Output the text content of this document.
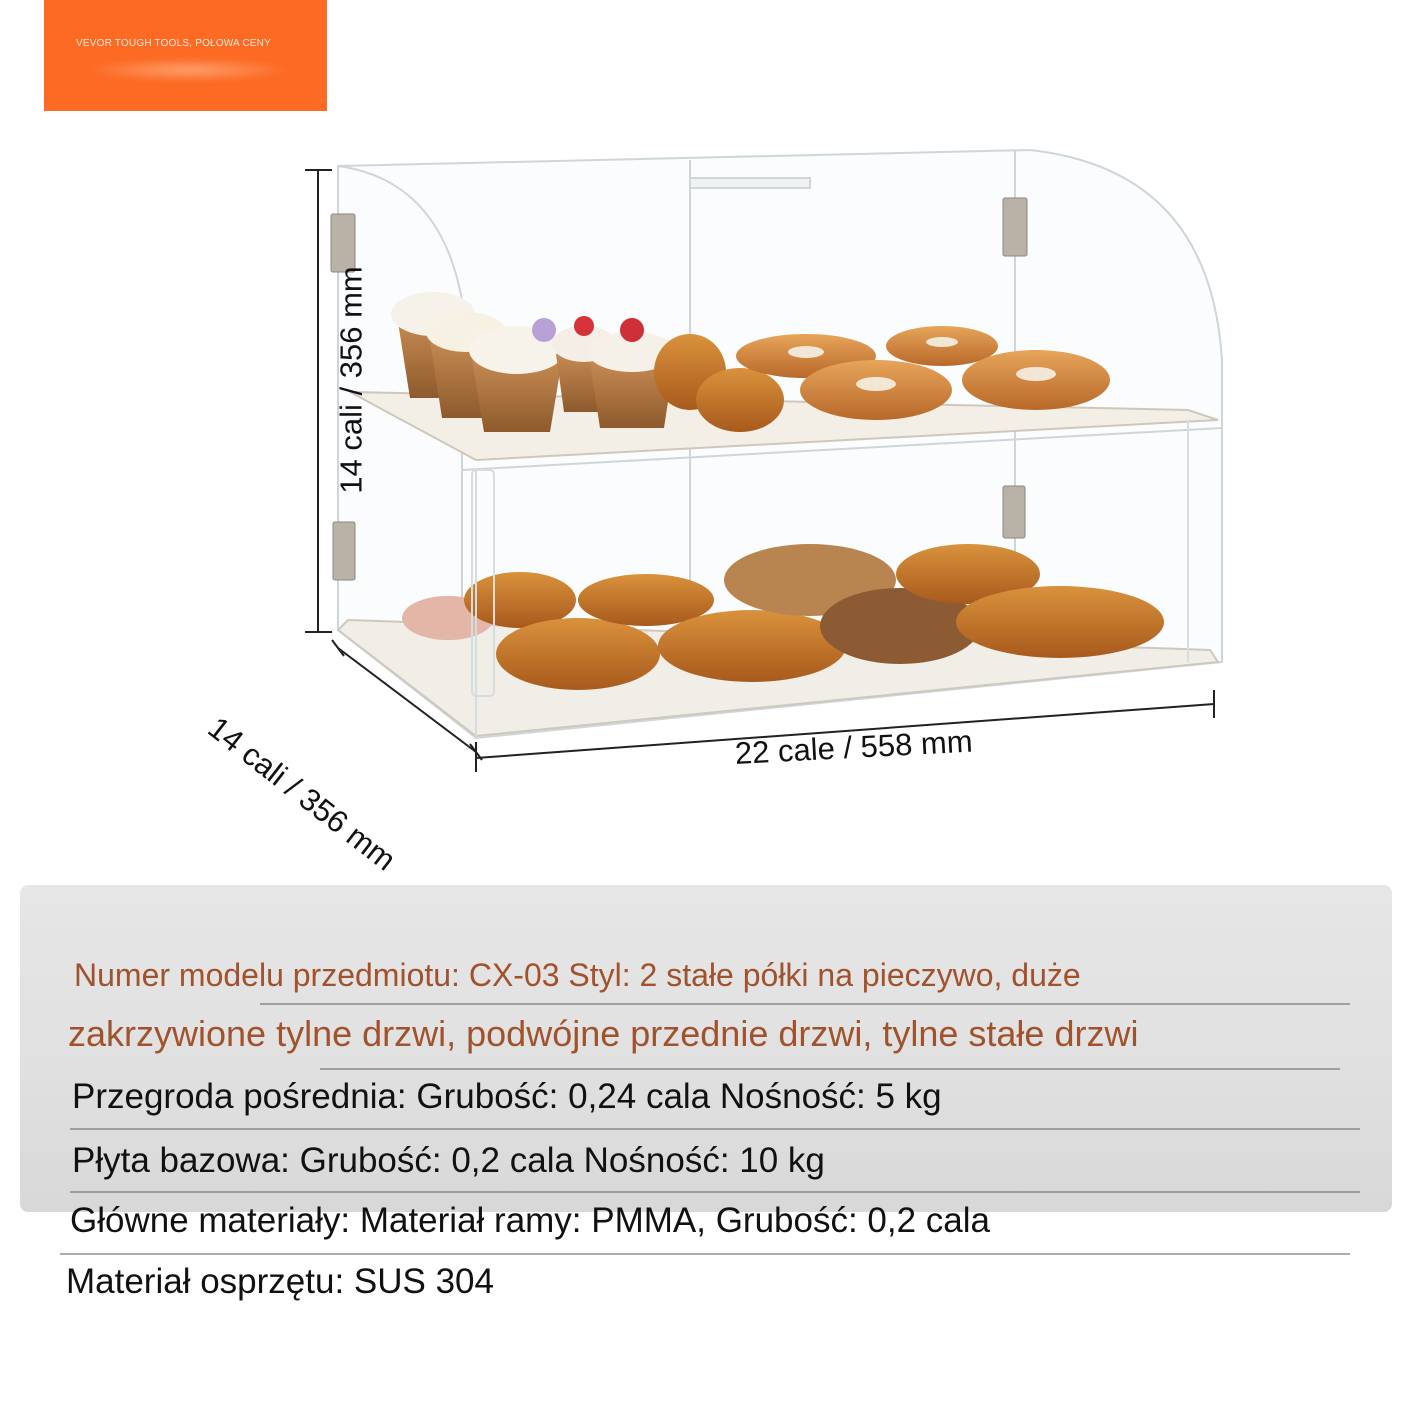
VEVOR TOUGH TOOLS, POŁOWA CENY
14 cali / 356 mm
14 cali / 356 mm	22 cale / 558 mm
Numer modelu przedmiotu: CX-03 Styl: 2 stałe półki na pieczywo, duże
zakrzywione tylne drzwi, podwójne przednie drzwi, tylne stałe drzwi
Przegroda pośrednia: Grubość: 0,24 cala Nośność: 5 kg
Płyta bazowa: Grubość: 0,2 cala Nośność: 10 kg
Główne materiały: Materiał ramy: PMMA, Grubość: 0,2 cala
Materiał osprzętu: SUS 304
